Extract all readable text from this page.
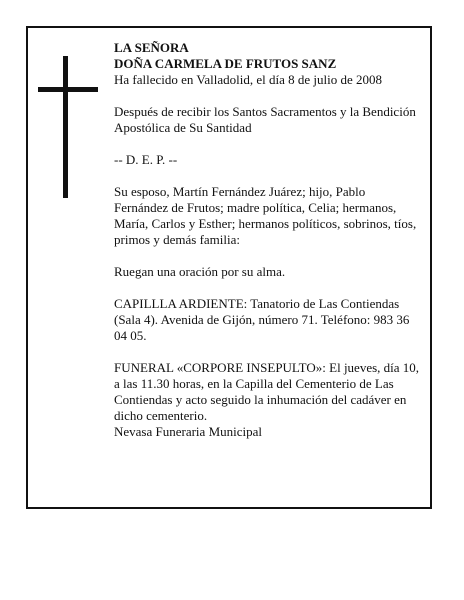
LA SEÑORA

DOÑA CARMELA DE FRUTOS SANZ

Ha fallecido en Valladolid, el día 8 de julio de 2008

Después de recibir los Santos Sacramentos y la Bendición Apostólica de Su Santidad

-- D. E. P. --

Su esposo, Martín Fernández Juárez; hijo, Pablo Fernández de Frutos; madre política, Celia; hermanos, María, Carlos y Esther; hermanos políticos, sobrinos, tíos, primos y demás familia:

Ruegan una oración por su alma.

CAPILLLA ARDIENTE: Tanatorio de Las Contiendas (Sala 4). Avenida de Gijón, número 71. Teléfono: 983 36 04 05.

FUNERAL «CORPORE INSEPULTO»: El jueves, día 10, a las 11.30 horas, en la Capilla del Cementerio de Las Contiendas y acto seguido la inhumación del cadáver en dicho cementerio.

Nevasa Funeraria Municipal
